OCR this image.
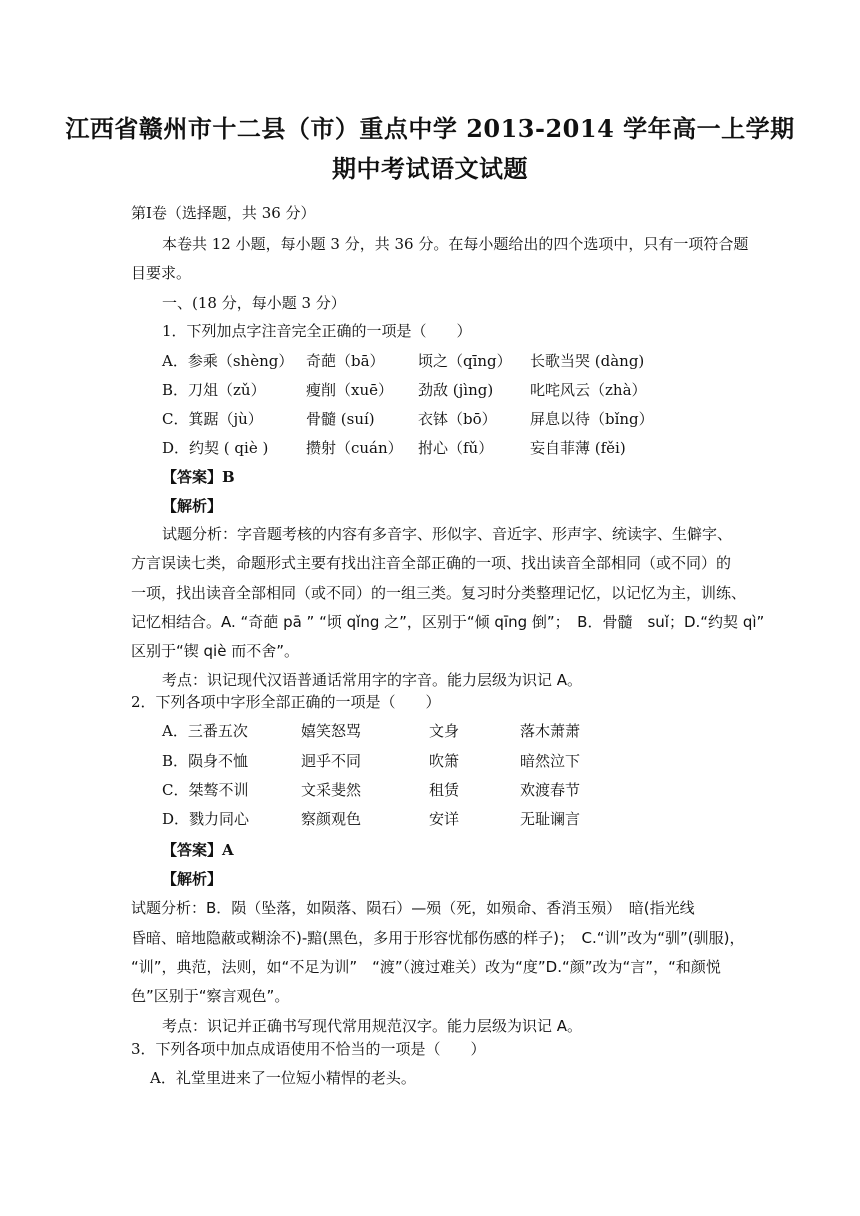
江西省赣州市十二县（市）重点中学 2013-2014 学年高一上学期
期中考试语文试题
第Ⅰ卷（选择题，共 36 分）
本卷共 12 小题，每小题 3 分，共 36 分。在每小题给出的四个选项中，只有一项符合题
目要求。
一、(18 分，每小题 3 分）
1．下列加点字注音完全正确的一项是（　　）
A．参乘（shèng） 奇葩（bā） 顷之（qīng） 长歌当哭 (dàng)
B．刀俎（zǔ）	瘦削（xuē） 劲敌 (jìng) 叱咤风云（zhà）
C．箕踞（jù）	骨髓 (suí)	衣钵（bō） 屏息以待（bǐng）
D．约契 ( qiè )	攒射（cuán） 拊心（fǔ） 妄自菲薄 (fěi)
【答案】B
【解析】
试题分析：字音题考核的内容有多音字、形似字、音近字、形声字、统读字、生僻字、
方言误读七类，命题形式主要有找出注音全部正确的一项、找出读音全部相同（或不同）的
一项，找出读音全部相同（或不同）的一组三类。复习时分类整理记忆，以记忆为主，训练、
记忆相结合。A. “奇葩 pā ” “顷 qǐng 之”，区别于“倾 qīng 倒”；　B．骨髓　suǐ；D.“约契 qì”
区别于“锲 qiè 而不舍”。
考点：识记现代汉语普通话常用字的字音。能力层级为识记 A。
2．下列各项中字形全部正确的一项是（　　）
A．三番五次	嬉笑怒骂	文身	落木萧萧
B．陨身不恤	迥乎不同	吹箫	暗然泣下
C．桀骜不训	文采斐然	租赁	欢渡春节
D．戮力同心	察颜观色	安详	无耻谰言
【答案】A
【解析】
试题分析：B．陨（坠落，如陨落、陨石）—殒（死，如殒命、香消玉殒）　暗(指光线
昏暗、暗地隐蔽或糊涂不)-黯(黑色，多用于形容忧郁伤感的样子)；　C.“训”改为“驯”(驯服)，
“训”，典范，法则，如“不足为训”　“渡”（渡过难关）改为“度”D.“颜”改为“言”，“和颜悦
色”区别于“察言观色”。
考点：识记并正确书写现代常用规范汉字。能力层级为识记 A。
3．下列各项中加点成语使用不恰当的一项是（　　）
A．礼堂里进来了一位短小精悍的老头。
